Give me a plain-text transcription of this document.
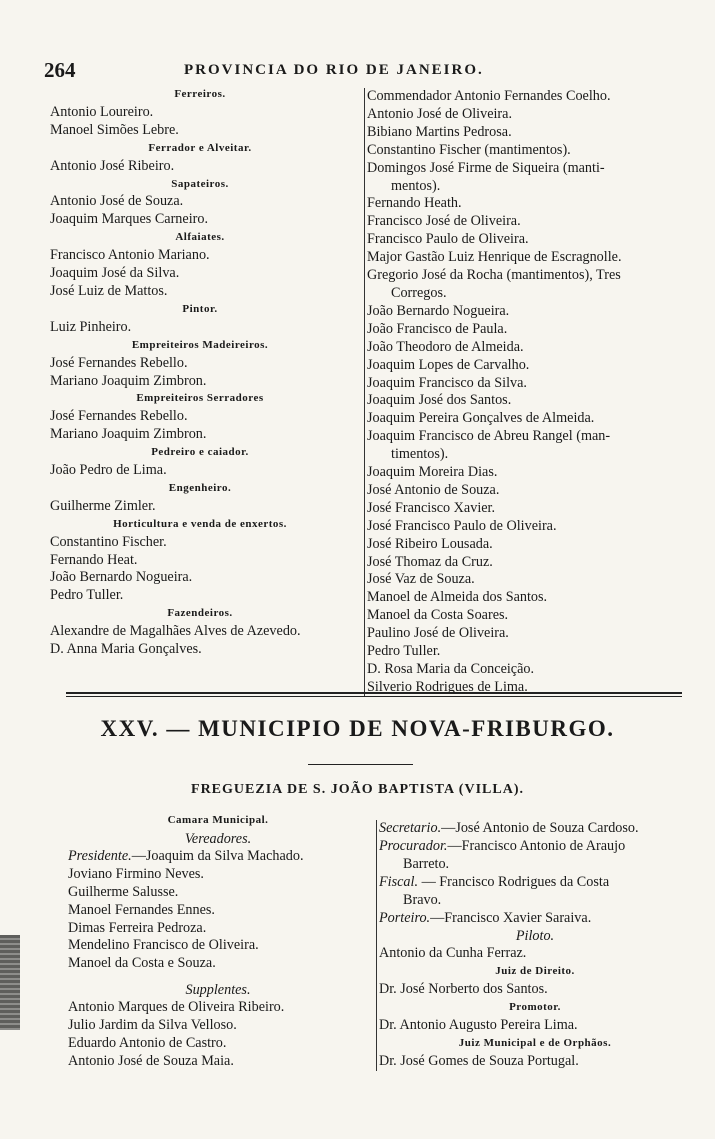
264	PROVINCIA DO RIO DE JANEIRO.
Ferreiros.
Antonio Loureiro.
Manoel Simões Lebre.
Ferrador e Alveitar.
Antonio José Ribeiro.
Sapateiros.
Antonio José de Souza.
Joaquim Marques Carneiro.
Alfaiates.
Francisco Antonio Mariano.
Joaquim José da Silva.
José Luiz de Mattos.
Pintor.
Luiz Pinheiro.
Empreiteiros Madeireiros.
José Fernandes Rebello.
Mariano Joaquim Zimbron.
Empreiteiros Serradores
José Fernandes Rebello.
Mariano Joaquim Zimbron.
Pedreiro e caiador.
João Pedro de Lima.
Engenheiro.
Guilherme Zimler.
Horticultura e venda de enxertos.
Constantino Fischer.
Fernando Heat.
João Bernardo Nogueira.
Pedro Tuller.
Fazendeiros.
Alexandre de Magalhães Alves de Azevedo.
D. Anna Maria Gonçalves.
Commendador Antonio Fernandes Coelho.
Antonio José de Oliveira.
Bibiano Martins Pedrosa.
Constantino Fischer (mantimentos).
Domingos José Firme de Siqueira (manti-
mentos).
Fernando Heath.
Francisco José de Oliveira.
Francisco Paulo de Oliveira.
Major Gastão Luiz Henrique de Escragnolle.
Gregorio José da Rocha (mantimentos), Tres
Corregos.
João Bernardo Nogueira.
João Francisco de Paula.
João Theodoro de Almeida.
Joaquim Lopes de Carvalho.
Joaquim Francisco da Silva.
Joaquim José dos Santos.
Joaquim Pereira Gonçalves de Almeida.
Joaquim Francisco de Abreu Rangel (man-
timentos).
Joaquim Moreira Dias.
José Antonio de Souza.
José Francisco Xavier.
José Francisco Paulo de Oliveira.
José Ribeiro Lousada.
José Thomaz da Cruz.
José Vaz de Souza.
Manoel de Almeida dos Santos.
Manoel da Costa Soares.
Paulino José de Oliveira.
Pedro Tuller.
D. Rosa Maria da Conceição.
Silverio Rodrigues de Lima.
XXV. — MUNICIPIO DE NOVA-FRIBURGO.
FREGUEZIA DE S. JOÃO BAPTISTA (VILLA).
Camara Municipal.
Vereadores.
Presidente.—Joaquim da Silva Machado.
Joviano Firmino Neves.
Guilherme Salusse.
Manoel Fernandes Ennes.
Dimas Ferreira Pedroza.
Mendelino Francisco de Oliveira.
Manoel da Costa e Souza.
Supplentes.
Antonio Marques de Oliveira Ribeiro.
Julio Jardim da Silva Velloso.
Eduardo Antonio de Castro.
Antonio José de Souza Maia.
Secretario.—José Antonio de Souza Cardoso.
Procurador.—Francisco Antonio de Araujo
Barreto.
Fiscal. — Francisco Rodrigues da Costa
Bravo.
Porteiro.—Francisco Xavier Saraiva.
Piloto.
Antonio da Cunha Ferraz.
Juiz de Direito.
Dr. José Norberto dos Santos.
Promotor.
Dr. Antonio Augusto Pereira Lima.
Juiz Municipal e de Orphãos.
Dr. José Gomes de Souza Portugal.
